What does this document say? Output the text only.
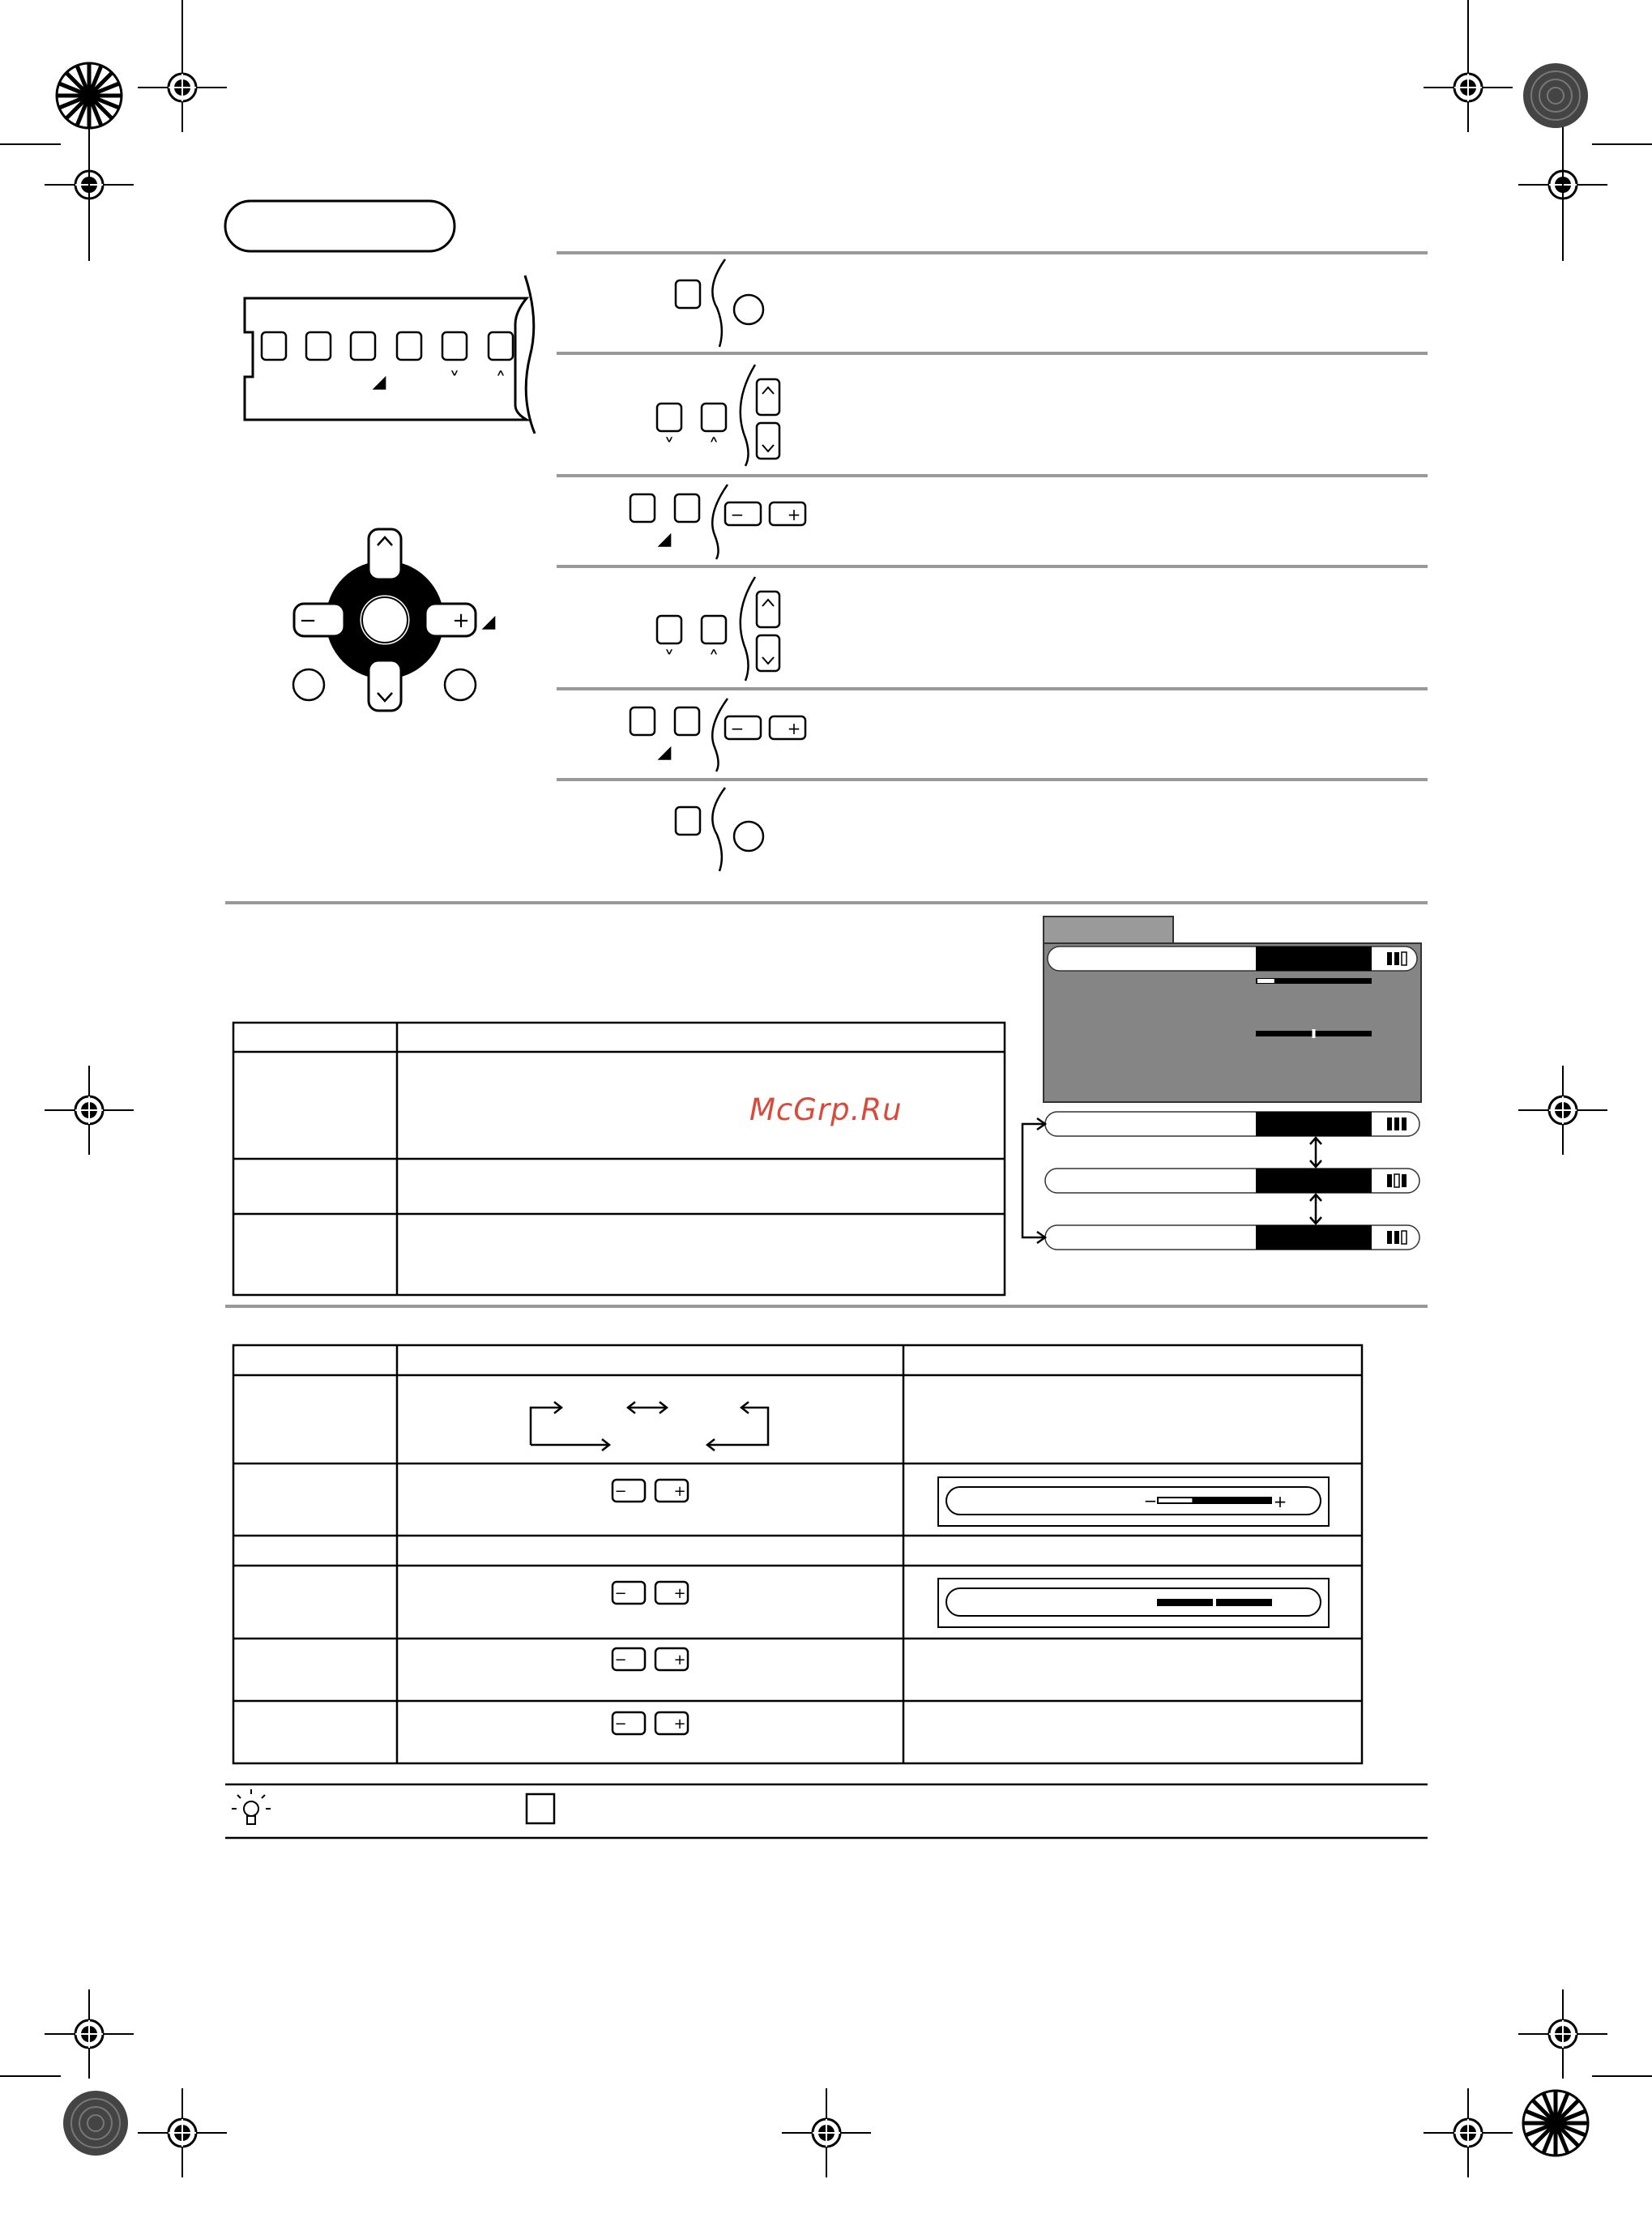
◢	˅ ˄
−	+ ◢
˅ ˄
◢
−	+
˅ ˄
◢
−	+
−	+
−	+
−	+
−	+
−	+
McGrp.Ru
